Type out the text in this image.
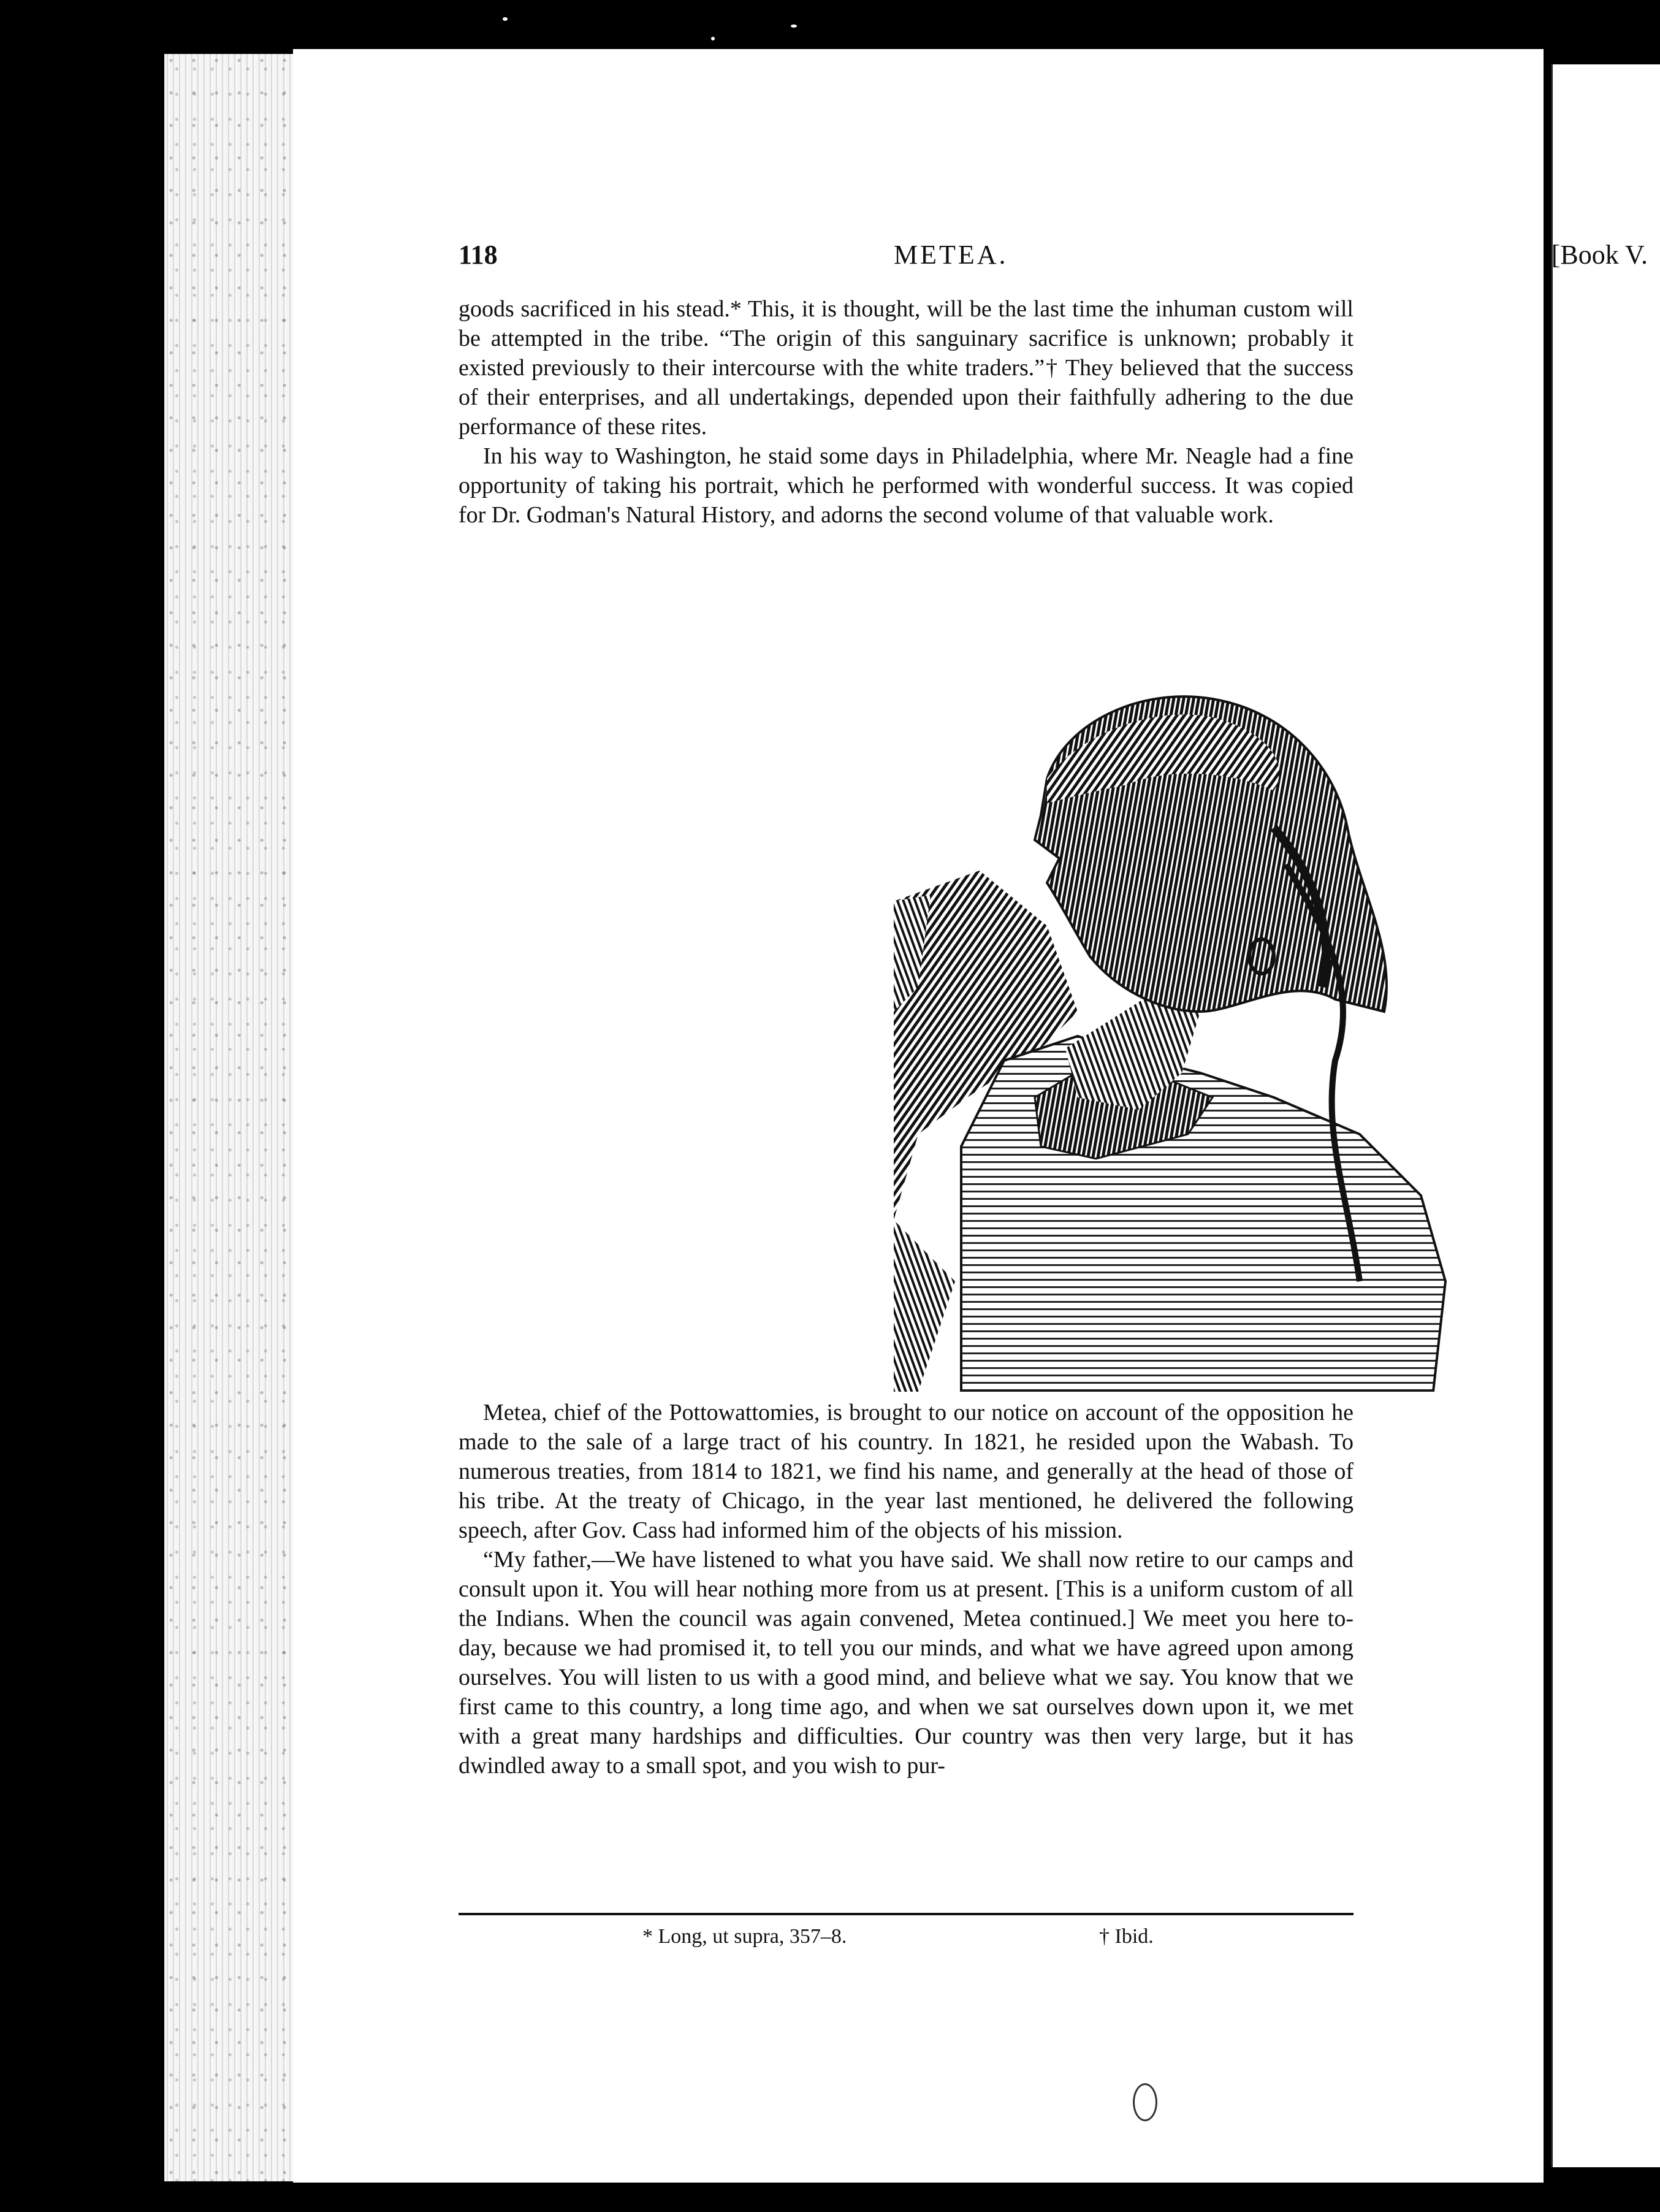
118	METEA.	[Book V.

goods sacrificed in his stead.* This, it is thought, will be the last time the inhuman custom will be attempted in the tribe. “The origin of this sanguinary sacrifice is unknown; probably it existed previously to their intercourse with the white traders.”† They believed that the success of their enterprises, and all undertakings, depended upon their faithfully adhering to the due performance of these rites.

In his way to Washington, he staid some days in Philadelphia, where Mr. Neagle had a fine opportunity of taking his portrait, which he performed with wonderful success. It was copied for Dr. Godman's Natural History, and adorns the second volume of that valuable work.

Metea, chief of the Pottowattomies, is brought to our notice on account of the opposition he made to the sale of a large tract of his country. In 1821, he resided upon the Wabash. To numerous treaties, from 1814 to 1821, we find his name, and generally at the head of those of his tribe. At the treaty of Chicago, in the year last mentioned, he delivered the following speech, after Gov. Cass had informed him of the objects of his mission.

“My father,—We have listened to what you have said. We shall now retire to our camps and consult upon it. You will hear nothing more from us at present. [This is a uniform custom of all the Indians. When the council was again convened, Metea continued.] We meet you here to-day, because we had promised it, to tell you our minds, and what we have agreed upon among ourselves. You will listen to us with a good mind, and believe what we say. You know that we first came to this country, a long time ago, and when we sat ourselves down upon it, we met with a great many hardships and difficulties. Our country was then very large, but it has dwindled away to a small spot, and you wish to pur-

* Long, ut supra, 357–8.	† Ibid.
